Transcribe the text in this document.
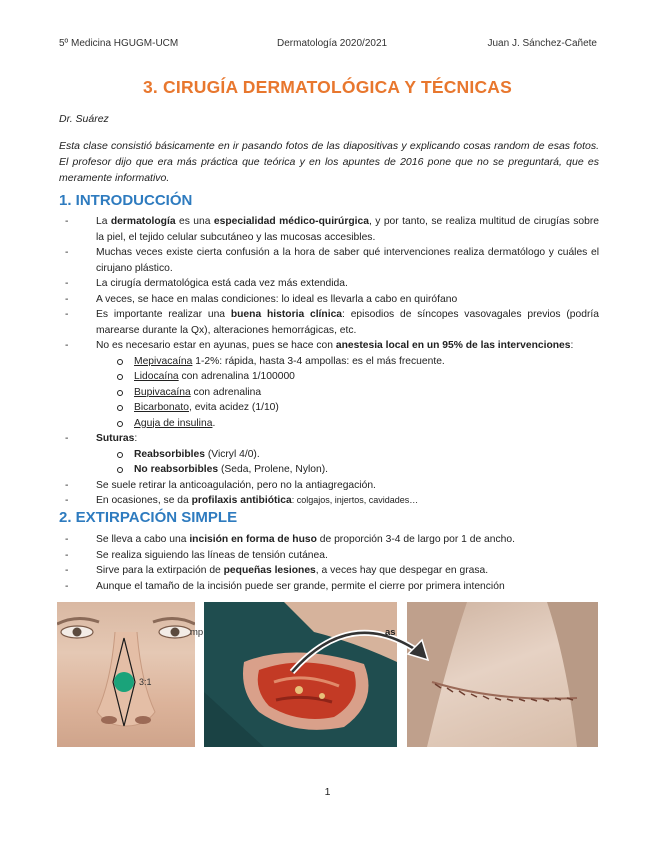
5º Medicina HGUGM-UCM	Dermatología 2020/2021	Juan J. Sánchez-Cañete
3. CIRUGÍA DERMATOLÓGICA Y TÉCNICAS
Dr. Suárez
Esta clase consistió básicamente en ir pasando fotos de las diapositivas y explicando cosas random de esas fotos. El profesor dijo que era más práctica que teórica y en los apuntes de 2016 pone que no se preguntará, que es meramente informativo.
1. INTRODUCCIÓN
- La dermatología es una especialidad médico-quirúrgica, y por tanto, se realiza multitud de cirugías sobre la piel, el tejido celular subcutáneo y las mucosas accesibles.
- Muchas veces existe cierta confusión a la hora de saber qué intervenciones realiza dermatólogo y cuáles el cirujano plástico.
- La cirugía dermatológica está cada vez más extendida.
- A veces, se hace en malas condiciones: lo ideal es llevarla a cabo en quirófano
- Es importante realizar una buena historia clínica: episodios de síncopes vasovagales previos (podría marearse durante la Qx), alteraciones hemorrágicas, etc.
- No es necesario estar en ayunas, pues se hace con anestesia local en un 95% de las intervenciones:
Mepivacaína 1-2%: rápida, hasta 3-4 ampollas: es el más frecuente.
Lidocaína con adrenalina 1/100000
Bupivacaína con adrenalina
Bicarbonato, evita acidez (1/10)
Aguja de insulina.
- Suturas:
Reabsorbibles (Vicryl 4/0).
No reabsorbibles (Seda, Prolene, Nylon).
- Se suele retirar la anticoagulación, pero no la antiagregación.
- En ocasiones, se da profilaxis antibiótica: colgajos, injertos, cavidades…
2. EXTIRPACIÓN SIMPLE
- Se lleva a cabo una incisión en forma de huso de proporción 3-4 de largo por 1 de ancho.
- Se realiza siguiendo las líneas de tensión cutánea.
- Sirve para la extirpación de pequeñas lesiones, a veces hay que despegar en grasa.
- Aunque el tamaño de la incisión puede ser grande, permite el cierre por primera intención
3:1
mp	as
1
